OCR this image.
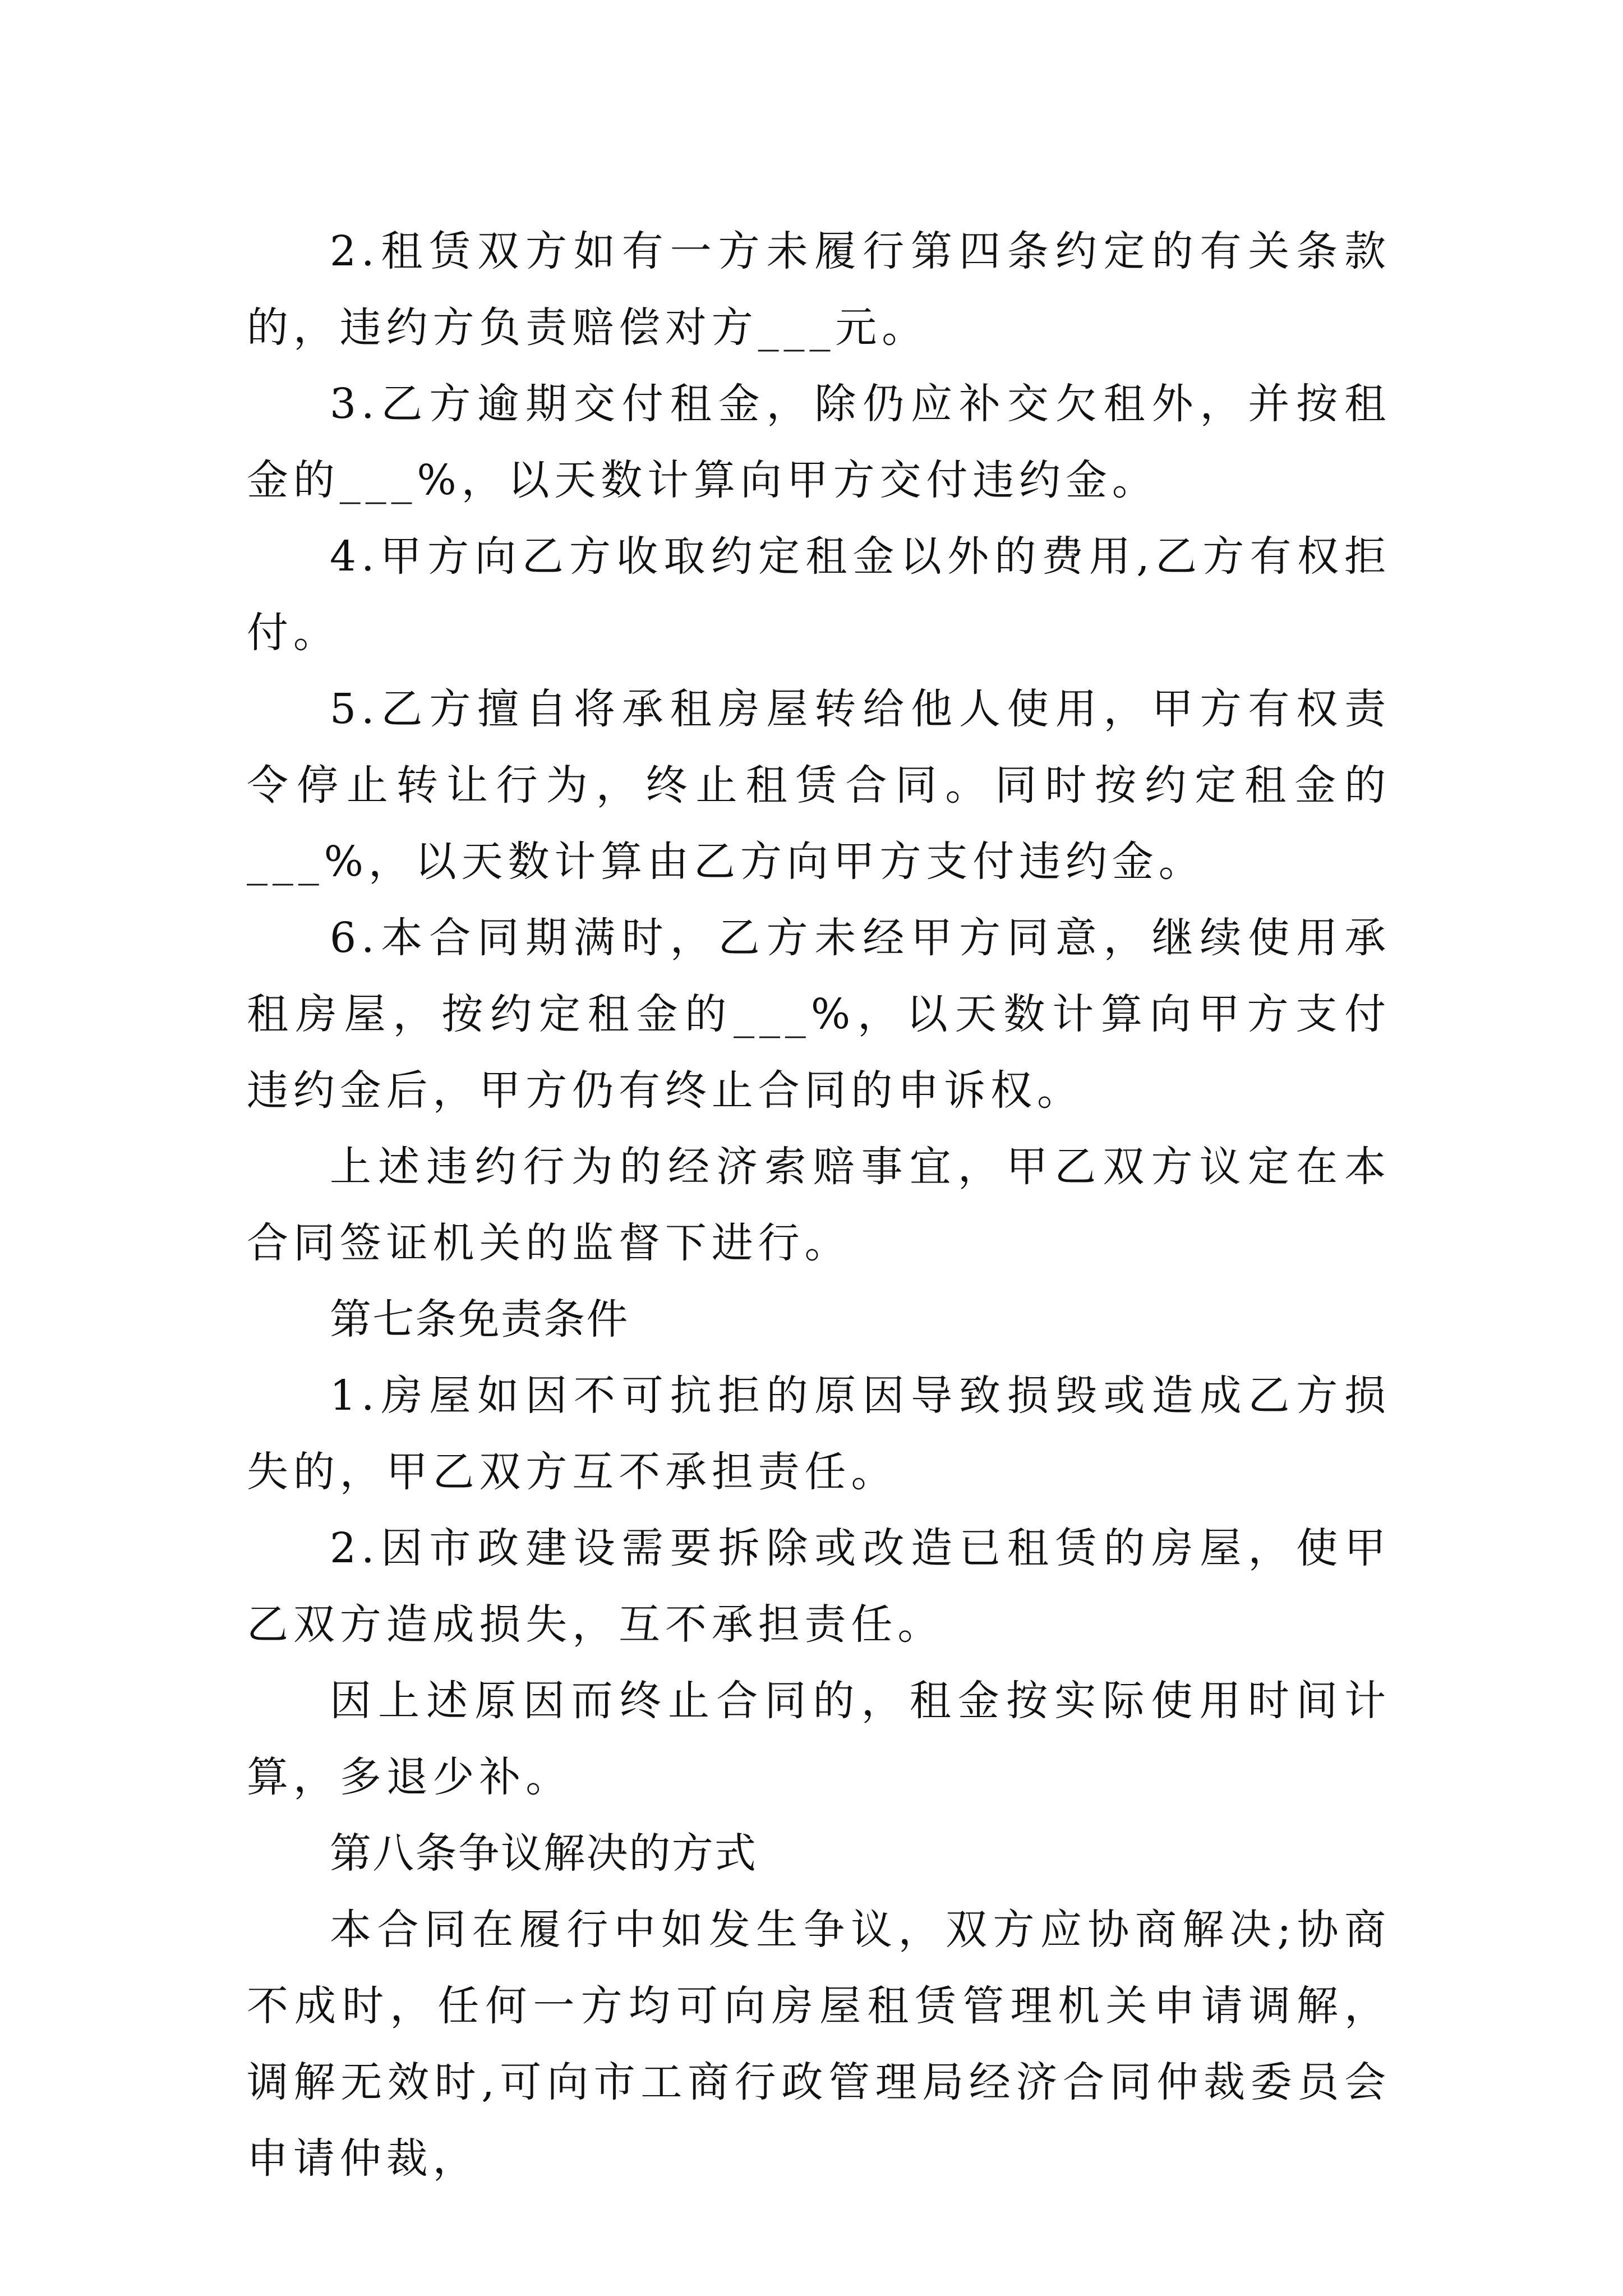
2.租赁双方如有一方未履行第四条约定的有关条款的，违约方负责赔偿对方___元。

3.乙方逾期交付租金，除仍应补交欠租外，并按租金的___%，以天数计算向甲方交付违约金。

4.甲方向乙方收取约定租金以外的费用,乙方有权拒付。

5.乙方擅自将承租房屋转给他人使用，甲方有权责令停止转让行为，终止租赁合同。同时按约定租金的___%，以天数计算由乙方向甲方支付违约金。

6.本合同期满时，乙方未经甲方同意，继续使用承租房屋，按约定租金的___%，以天数计算向甲方支付违约金后，甲方仍有终止合同的申诉权。

上述违约行为的经济索赔事宜，甲乙双方议定在本合同签证机关的监督下进行。

第七条免责条件

1.房屋如因不可抗拒的原因导致损毁或造成乙方损失的，甲乙双方互不承担责任。

2.因市政建设需要拆除或改造已租赁的房屋，使甲乙双方造成损失，互不承担责任。

因上述原因而终止合同的，租金按实际使用时间计算，多退少补。

第八条争议解决的方式

本合同在履行中如发生争议，双方应协商解决;协商不成时，任何一方均可向房屋租赁管理机关申请调解，调解无效时,可向市工商行政管理局经济合同仲裁委员会申请仲裁，
